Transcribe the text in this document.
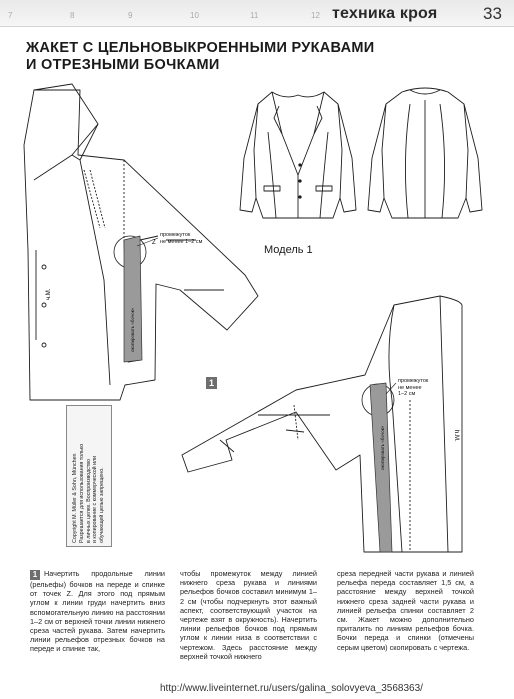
7	8	9	10	11	12 техника кроя	33
ЖАКЕТ С ЦЕЛЬНОВЫКРОЕННЫМИ РУКАВАМИ
И ОТРЕЗНЫМИ БОЧКАМИ
ч.М.
h.M.
Z
окопировать «бочок»
окопировать «бочок»
промежуток
не менее 1–2 см
промежуток
не менее
1–2 см
Модель 1
1
Copyright M. Müller & Sohn, München Разрешается для использования только в личных целях. Воспроизводство и копирование с коммерческой или обучающей целью запрещено.
1 Начертить продольные линии (рельефы) бочков на переде и спинке от точек Z. Для этого под прямым углом к линии груди начертить вниз вспомогательную линию на расстоянии 1–2 см от верхней точки линии нижнего среза частей рукава. Затем начертить линии рельефов отрезных бочков на переде и спинке так,
чтобы промежуток между линией нижнего среза рукава и линиями рельефов бочков составил минимум 1–2 см (чтобы подчеркнуть этот важный аспект, соответствующий участок на чертеже взят в окружность). Начертить линии рельефов бочков под прямым углом к линии низа в соответствии с чертежом. Здесь расстояние между верхней точкой нижнего
среза передней части рукава и линией рельефа переда составляет 1,5 см, а расстояние между верхней точкой нижнего среза задней части рукава и линией рельефа спинки составляет 2 см. Жакет можно дополнительно приталить по линиям рельефов бочка. Бочки переда и спинки (отмечены серым цветом) скопировать с чертежа.
http://www.liveinternet.ru/users/galina_solovyeva_3568363/
